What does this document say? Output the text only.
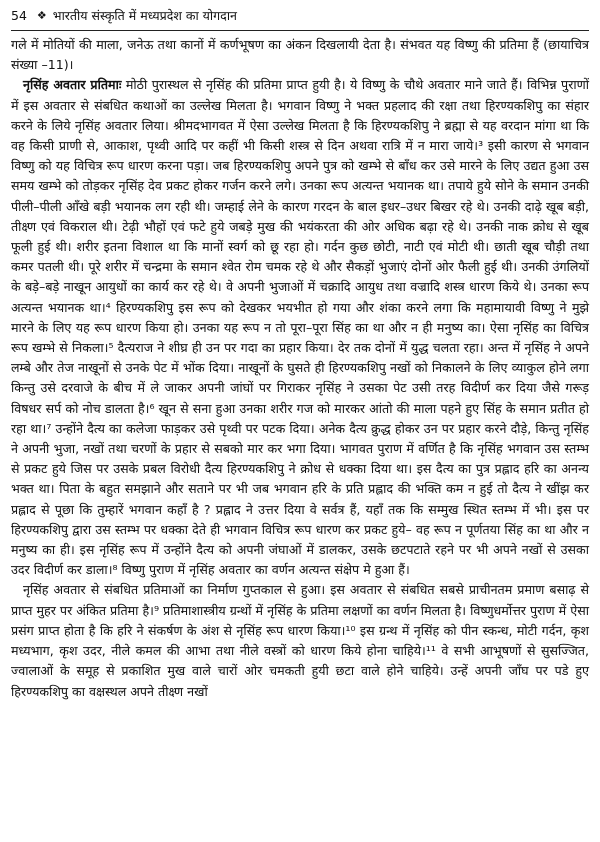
54 ❖ भारतीय संस्कृति में मध्यप्रदेश का योगदान

गले में मोतियों की माला, जनेऊ तथा कानों में कर्णभूषण का अंकन दिखलायी देता है। संभवत यह विष्णु की प्रतिमा हैं (छायाचित्र संख्या –11)।

नृसिंह अवतार प्रतिमाः मोठी पुरास्थल से नृसिंह की प्रतिमा प्राप्त हुयी है। ये विष्णु के चौथे अवतार माने जाते हैं। विभिन्न पुराणों में इस अवतार से संबधित कथाओं का उल्लेख मिलता है। भगवान विष्णु ने भक्त प्रहलाद की रक्षा तथा हिरण्यकशिपु का संहार करने के लिये नृसिंह अवतार लिया। श्रीमदभागवत में ऐसा उल्लेख मिलता है कि हिरण्यकशिपु ने ब्रह्मा से यह वरदान मांगा था कि वह किसी प्राणी से, आकाश, पृथ्वी आदि पर कहीं भी किसी शस्त्र से दिन अथवा रात्रि में न मारा जाये।³ इसी कारण से भगवान विष्णु को यह विचित्र रूप धारण करना पड़ा। जब हिरण्यकशिपु अपने पुत्र को खम्भे से बाँध कर उसे मारने के लिए उद्यत हुआ उस समय खम्भे को तोड़कर नृसिंह देव प्रकट होकर गर्जन करने लगे। उनका रूप अत्यन्त भयानक था। तपाये हुये सोने के समान उनकी पीली–पीली आँखे बड़ी भयानक लग रही थी। जम्हाई लेने के कारण गरदन के बाल इधर–उधर बिखर रहे थे। उनकी दाढ़े खूब बड़ी, तीक्ष्ण एवं विकराल थी। टेढ़ी भौहों एवं फटे हुये जबड़े मुख की भयंकरता की ओर अधिक बढ़ा रहे थे। उनकी नाक क्रोध से खूब फूली हुई थी। शरीर इतना विशाल था कि मानों स्वर्ग को छू रहा हो। गर्दन कुछ छोटी, नाटी एवं मोटी थी। छाती खूब चौड़ी तथा कमर पतली थी। पूरे शरीर में चन्द्रमा के समान श्वेत रोम चमक रहे थे और सैकड़ों भुजाएं दोनों ओर फैली हुई थी। उनकी उंगलियों के बड़े–बड़े नाखून आयुधों का कार्य कर रहे थे। वे अपनी भुजाओं में चक्रादि आयुध तथा वज्रादि शस्त्र धारण किये थे। उनका रूप अत्यन्त भयानक था।⁴ हिरण्यकशिपु इस रूप को देखकर भयभीत हो गया और शंका करने लगा कि महामायावी विष्णु ने मुझे मारने के लिए यह रूप धारण किया हो। उनका यह रूप न तो पूरा–पूरा सिंह का था और न ही मनुष्य का। ऐसा नृसिंह का विचित्र रूप खम्भे से निकला।⁵ दैत्यराज ने शीघ्र ही उन पर गदा का प्रहार किया। देर तक दोनों में युद्ध चलता रहा। अन्त में नृसिंह ने अपने लम्बे और तेज नाखूनों से उनके पेट में भोंक दिया। नाखूनों के घुसते ही हिरण्यकशिपु नखों को निकालने के लिए व्याकुल होने लगा किन्तु उसे दरवाजे के बीच में ले जाकर अपनी जांघों पर गिराकर नृसिंह ने उसका पेट उसी तरह विदीर्ण कर दिया जैसे गरूड़ विषधर सर्प को नोच डालता है।⁶ खून से सना हुआ उनका शरीर गज को मारकर आंतो की माला पहने हुए सिंह के समान प्रतीत हो रहा था।⁷ उन्होंने दैत्य का कलेजा फाड़कर उसे पृथ्वी पर पटक दिया। अनेक दैत्य क्रुद्ध होकर उन पर प्रहार करने दौड़े, किन्तु नृसिंह ने अपनी भुजा, नखों तथा चरणों के प्रहार से सबको मार कर भगा दिया। भागवत पुराण में वर्णित है कि नृसिंह भगवान उस स्तम्भ से प्रकट हुये जिस पर उसके प्रबल विरोधी दैत्य हिरण्यकशिपु ने क्रोध से धक्का दिया था। इस दैत्य का पुत्र प्रह्लाद हरि का अनन्य भक्त था। पिता के बहुत समझाने और सताने पर भी जब भगवान हरि के प्रति प्रह्लाद की भक्ति कम न हुई तो दैत्य ने खींझ कर प्रह्लाद से पूछा कि तुम्हारें भगवान कहाँ है ? प्रह्लाद ने उत्तर दिया वे सर्वत्र हैं, यहाँ तक कि सम्मुख स्थित स्तम्भ में भी। इस पर हिरण्यकशिपु द्वारा उस स्तम्भ पर धक्का देते ही भगवान विचित्र रूप धारण कर प्रकट हुये– वह रूप न पूर्णतया सिंह का था और न मनुष्य का ही। इस नृसिंह रूप में उन्होंने दैत्य को अपनी जंघाओं में डालकर, उसके छटपटाते रहने पर भी अपने नखों से उसका उदर विदीर्ण कर डाला।⁸ विष्णु पुराण में नृसिंह अवतार का वर्णन अत्यन्त संक्षेप मे हुआ हैं।

नृसिंह अवतार से संबधित प्रतिमाओं का निर्माण गुप्तकाल से हुआ। इस अवतार से संबधित सबसे प्राचीनतम प्रमाण बसाढ़ से प्राप्त मुहर पर अंकित प्रतिमा है।⁹ प्रतिमाशास्त्रीय ग्रन्थों में नृसिंह के प्रतिमा लक्षणों का वर्णन मिलता है। विष्णुधर्मोत्तर पुराण में ऐसा प्रसंग प्राप्त होता है कि हरि ने संकर्षण के अंश से नृसिंह रूप धारण किया।¹⁰ इस ग्रन्थ में नृसिंह को पीन स्कन्ध, मोटी गर्दन, कृश मध्यभाग, कृश उदर, नीले कमल की आभा तथा नीले वस्त्रों को धारण किये होना चाहिये।¹¹ वे सभी आभूषणों से सुसज्जित, ज्वालाओं के समूह से प्रकाशित मुख वाले चारों ओर चमकती हुयी छटा वाले होने चाहिये। उन्हें अपनी जाँघ पर पडे हुए हिरण्यकशिपु का वक्षस्थल अपने तीक्ष्ण नखों
